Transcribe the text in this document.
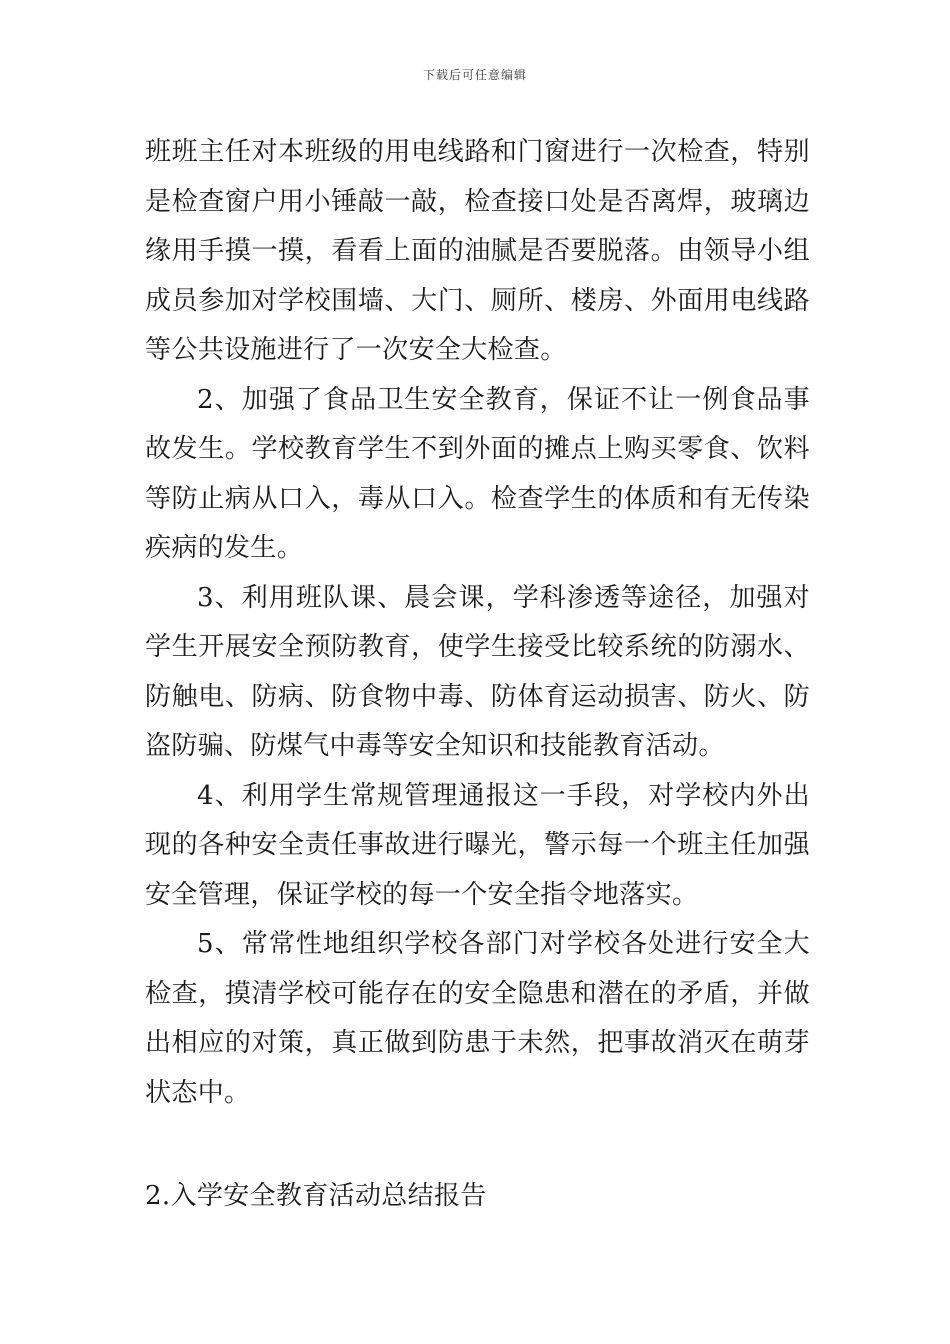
下载后可任意编辑

班班主任对本班级的用电线路和门窗进行一次检查，特别是检查窗户用小锤敲一敲，检查接口处是否离焊，玻璃边缘用手摸一摸，看看上面的油腻是否要脱落。由领导小组成员参加对学校围墙、大门、厕所、楼房、外面用电线路等公共设施进行了一次安全大检查。

2、加强了食品卫生安全教育，保证不让一例食品事故发生。学校教育学生不到外面的摊点上购买零食、饮料等防止病从口入，毒从口入。检查学生的体质和有无传染疾病的发生。

3、利用班队课、晨会课，学科渗透等途径，加强对学生开展安全预防教育，使学生接受比较系统的防溺水、防触电、防病、防食物中毒、防体育运动损害、防火、防盗防骗、防煤气中毒等安全知识和技能教育活动。

4、利用学生常规管理通报这一手段，对学校内外出现的各种安全责任事故进行曝光，警示每一个班主任加强安全管理，保证学校的每一个安全指令地落实。

5、常常性地组织学校各部门对学校各处进行安全大检查，摸清学校可能存在的安全隐患和潜在的矛盾，并做出相应的对策，真正做到防患于未然，把事故消灭在萌芽状态中。

2.入学安全教育活动总结报告
